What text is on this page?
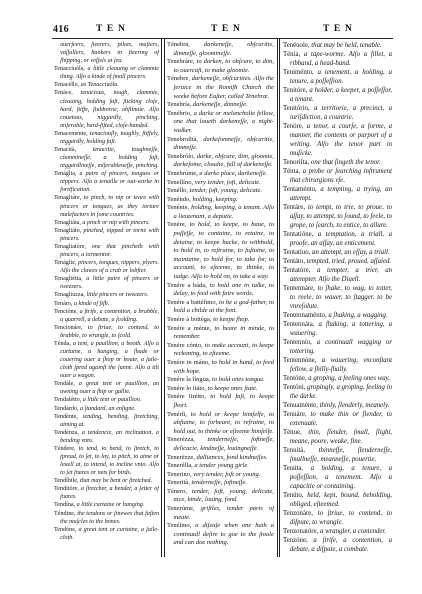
416	T E N	T E N	T E N

ouerſeers, ſteerers, pilots, maſters, vaſſallers, hankers in ſteering of ſhipping, or veſſels at ſea.

Tenacciuóla, a little cleauing or clammie thing. Alſo a kinde of ſmall pincers.

Tenacéllo, as Tenacciuóla.

Tenáce, tenacious, tough, clammie, cleauing, holding faſt, ſticking cloſe, hard, ſtiffe, ſtubborne, obſtinate. Alſo couetous, niggardly, pinching, miſerable, hard-fiſted, cloſe-handed.

Tenacemente, tenaciouſly, toughly, ſtiffely, niggardly, holding faſt.

Tenacità,	tenacitie, toughneſſe, clammineſſe, a holding faſt, niggardlineſſe, miſerableneſſe, pinching.

Tenáglia, a paire of pincers, tongues or nippers. Alſo a tenaille or out-worke in fortification.

Tenagliáre, to pinch, to nip or teare with pincers or tongues, as they torture malefactors in ſome countries.

Tenagliáta, a pinch or nip with pincers.

Tenagliáto, pinched, nipped or torne with pincers.

Tenagliatóre, one that pincheth with pincers, a tormentor.

Tenáglie, pincers, tongues, nippers, plyers. Alſo the clawes of a crab or lobſter.

Tenagliétta, a little paire of pincers or tweezers.

Tenagliuzza, little pincers or tweezers.

Tenáro, a kinde of fiſh.

Tencióne, a ſtrife, a contention, a brabble, a quarrell, a debate, a ſcolding.

Tencionáre, to ſtriue, to contend, to brabble, to wrangle, to ſcold.

Ténda, a tent, a pauillion, a booth. Alſo a curtaine, a hanging, a ſhade or couering ouer a ſhop or boate, a ſaile-cloth ſpred againſt the ſunne. Alſo a tilt ouer a wagon.

Tendále, a great tent or pauillion, an awning ouer a ſhip or gallie.

Tendalétto, a little tent or pauillion.

Tendárdo, a ſtandard, an enſigne.

Tendénte, tending, bending, ſtretching, aiming at.

Tendénza, a tendencie, an inclination, a bending vnto.

Téndere, to tend, to bend, to ſtretch, to ſpread, to ſet, to lay, to pitch, to aime or leuell at, to intend, to incline vnto. Alſo to ſet ſnares or nets for birds.

Tendíbile, that may be bent or ſtretched.

Tenditóre, a ſtretcher, a bender, a ſetter of ſnares.

Tendína, a little curtaine or hanging.

Téndine, the tendons or ſinewes that faſten the muſcles to the bones.

Tendóne, a great tent or curtaine, a ſaile-cloth.

Ténebra, darkeneſſe, obſcuritie, dimneſſe, gloomineſſe.

Tenebráre, to darken, to obſcure, to dim, to ouercaſt, to make gloomie.

Ténebre, darkeneſſe, obſcurities. Alſo the ſeruice in the Romiſh Church the weeke before Eaſter, called Tenebræ.

Tenebría, darkeneſſe, dimneſſe.

Tenébrio, a darke or melancholie fellow, one that loueth darkeneſſe, a night-walker.

Tenebroſità, darkeſomneſſe, obſcuritie, dimneſſe.

Tenebróſo, darke, obſcure, dim, gloomie, darkeſome, cloudie, full of darkeneſſe.

Tenebrúme, a darke place, darkeneſſe.

Tenellíno, very tender, ſoft, delicate.

Tenéllo, tender, ſoft, young, delicate.

Tenéndo, holding, keeping.

Tenénte, holding, keeping, a tenant. Alſo a lieutenant, a deputie.

Tenére, to hold, to keepe, to haue, to poſſeſſe, to containe, to retaine, to detaine, to keepe backe, to withhold, to hold in, to reſtraine, to ſuſtaine, to maintaine, to hold for, to take for, to account, to eſteeme, to thinke, to iudge. Alſo to hold on, to take a way.

Tenére a báda, to hold one in talke, to delay, to feed with faire words.

Tenére a battéſimo, to be a god-father, to hold a childe at the font.

Tenére à bottéga, to keepe ſhop.

Tenére a ménte, to beare in minde, to remember.

Tenére cónto, to make account, to keepe reckoning, to eſteeme.

Tenére in máno, to hold in hand, to feed with hope.

Tenére la língua, to hold ones tongue.

Tenére lo ſtáto, to keepe ones ſtate.

Tenére ſtrétto, to hold faſt, to keepe ſhort.

Tenérſi, to hold or keepe himſelfe, to abſtaine, to forbeare, to refraine, to hold out, to thinke or eſteeme himſelfe.

Tenerézza, tenderneſſe, ſoftneſſe, delicacie, kindneſſe, louingneſſe.

Tenerézze, dalliances, fond kindneſſes.

Tenerélla, a tender young girle.

Tenerino, very tender, ſoft or young.

Tenerità, tenderneſſe, ſoftneſſe.

Ténero, tender, ſoft, young, delicate, nice, kinde, louing, fond.

Tenerúme, griſtles, tender parts of meate.

Tenéſmo, a diſeaſe when one hath a continuall deſire to goe to the ſtoole and can doe nothing.

Tenéuole, that may be held, tenable.

Ténia, a tape-worme. Alſo a fillet, a ribband, a head-band.

Teniménto, a tenement, a holding, a tenure, a poſſeſſion.

Tenitóre, a holder, a keeper, a poſſeſſor, a tenant.

Tenitório, a territorie, a precinct, a iuriſdiction, a countrie.

Tenóre, a tenor, a courſe, a forme, a manner, the contents or purport of a writing. Alſo the tenor part in muſicke.

Tenoriſta, one that ſingeth the tenor.

Ténta, a probe or ſearching inſtrument that chirurgions vſe.

Tentaménto, a tempting, a trying, an attempt.

Tentáre, to tempt, to trie, to proue, to aſſay, to attempt, to ſound, to feele, to grope, to ſearch, to entice, to allure.

Tentatióne, a temptation, a triall, a proofe, an aſſay, an enticement.

Tentatíuo, an attempt, an eſſay, a triall.

Tentáto, tempted, tried, proued, aſſaied.

Tentatóre, a tempter, a trier, an attempter. Alſo the Diuell.

Tentennáre, to ſhake, to wag, to totter, to reele, to wauer, to ſtagger, to be vnreſolute.

Tentennaménto, a ſhaking, a wagging.

Tentennáta, a ſhaking, a tottering, a wauering.

Tentennío, a continuall wagging or tottering.

Tentennóne, a wauering, vnconſtant fellow, a ſhilly-ſhally.

Tentóne, a groping, a feeling ones way.

Tentóni, gropingly, a groping, feeling in the darke.

Tenuaménte, thinly, ſlenderly, meanely.

Tenuáre, to make thin or ſlender, to extenuate.

Ténue, thin, ſlender, ſmall, ſlight, meane, poore, weake, fine.

Tenuità, thinneſſe, ſlenderneſſe, ſmallneſſe, meanneſſe, pouertie.

Tenúta, a holding, a tenure, a poſſeſſion, a tenement. Alſo a capacitie or containing.

Tenúto, held, kept, bound, beholding, obliged, eſteemed.

Tenzonáre, to ſtriue, to contend, to diſpute, to wrangle.

Tenzonatóre, a wrangler, a contender.

Tenzóne, a ſtrife, a contention, a debate, a diſpute, a combate.
